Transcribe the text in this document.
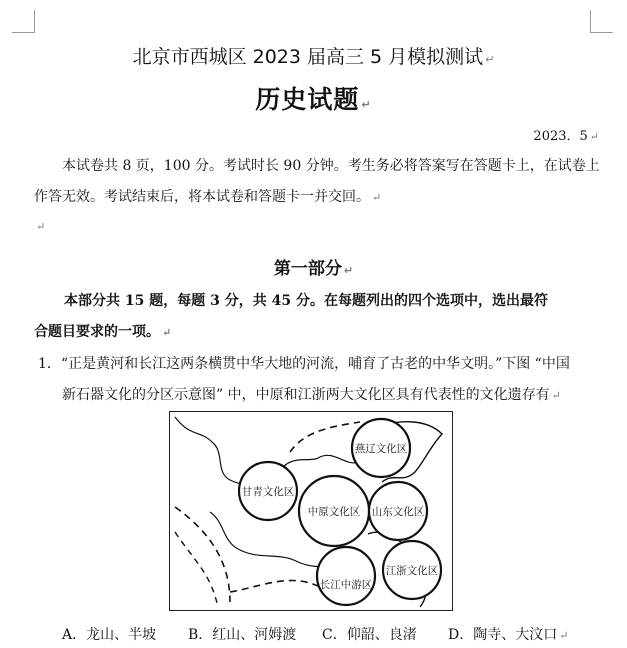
北京市西城区 2023 届高三 5 月模拟测试 ↵
历史试题 ↵
2023．5 ↵
本试卷共 8 页，100 分。考试时长 90 分钟。考生务必将答案写在答题卡上，在试卷上
作答无效。考试结束后，将本试卷和答题卡一并交回。 ↵
↵
第一部分 ↵
本部分共 15 题，每题 3 分，共 45 分。在每题列出的四个选项中，选出最符
合题目要求的一项。 ↵
1．“正是黄河和长江这两条横贯中华大地的河流，哺育了古老的中华文明。”下图 “中国
新石器文化的分区示意图” 中，中原和江浙两大文化区具有代表性的文化遗存有 ↵
燕辽文化区
甘青文化区
中原文化区 山东文化区
长江中游区
江浙文化区
A．龙山、半坡 B．红山、河姆渡 C．仰韶、良渚 D．陶寺、大汶口 ↵
